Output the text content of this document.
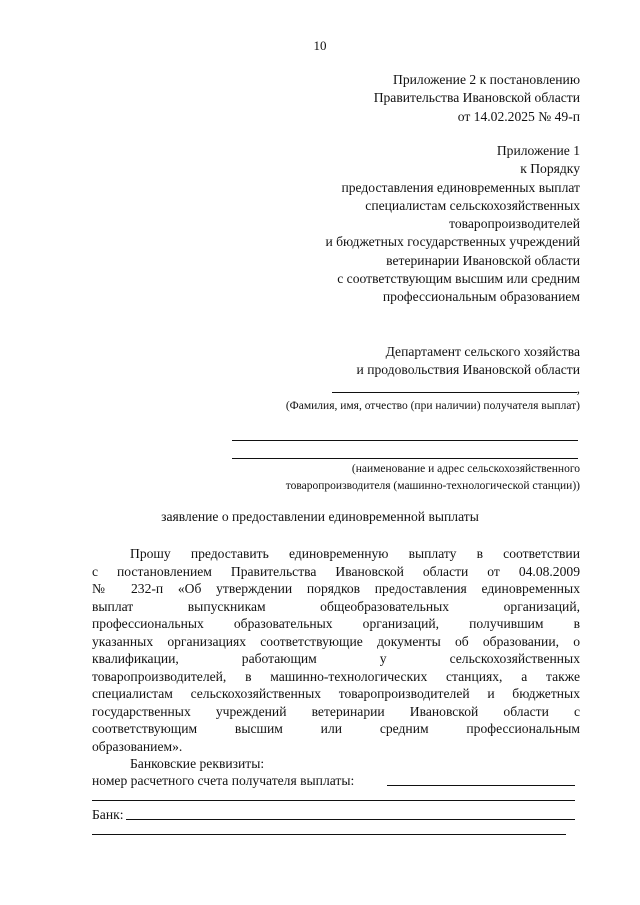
10
Приложение 2 к постановлению
Правительства Ивановской области
от 14.02.2025 № 49-п
Приложение 1
к Порядку
предоставления единовременных выплат
специалистам сельскохозяйственных
товаропроизводителей
и бюджетных государственных учреждений
ветеринарии Ивановской области
с соответствующим высшим или средним
профессиональным образованием
Департамент сельского хозяйства
и продовольствия Ивановской области
,
(Фамилия, имя, отчество (при наличии) получателя выплат)
(наименование и адрес сельскохозяйственного
товаропроизводителя (машинно-технологической станции))
заявление о предоставлении единовременной выплаты
Прошу предоставить единовременную выплату в соответствии
с постановлением Правительства Ивановской области от 04.08.2009
№ 232-п «Об утверждении порядков предоставления единовременных
выплат выпускникам общеобразовательных организаций,
профессиональных образовательных организаций, получившим в
указанных организациях соответствующие документы об образовании, о
квалификации, работающим у сельскохозяйственных
товаропроизводителей, в машинно-технологических станциях, а также
специалистам сельскохозяйственных товаропроизводителей и бюджетных
государственных учреждений ветеринарии Ивановской области с
соответствующим высшим или средним профессиональным
образованием».
Банковские реквизиты:
номер расчетного счета получателя выплаты:
Банк:
